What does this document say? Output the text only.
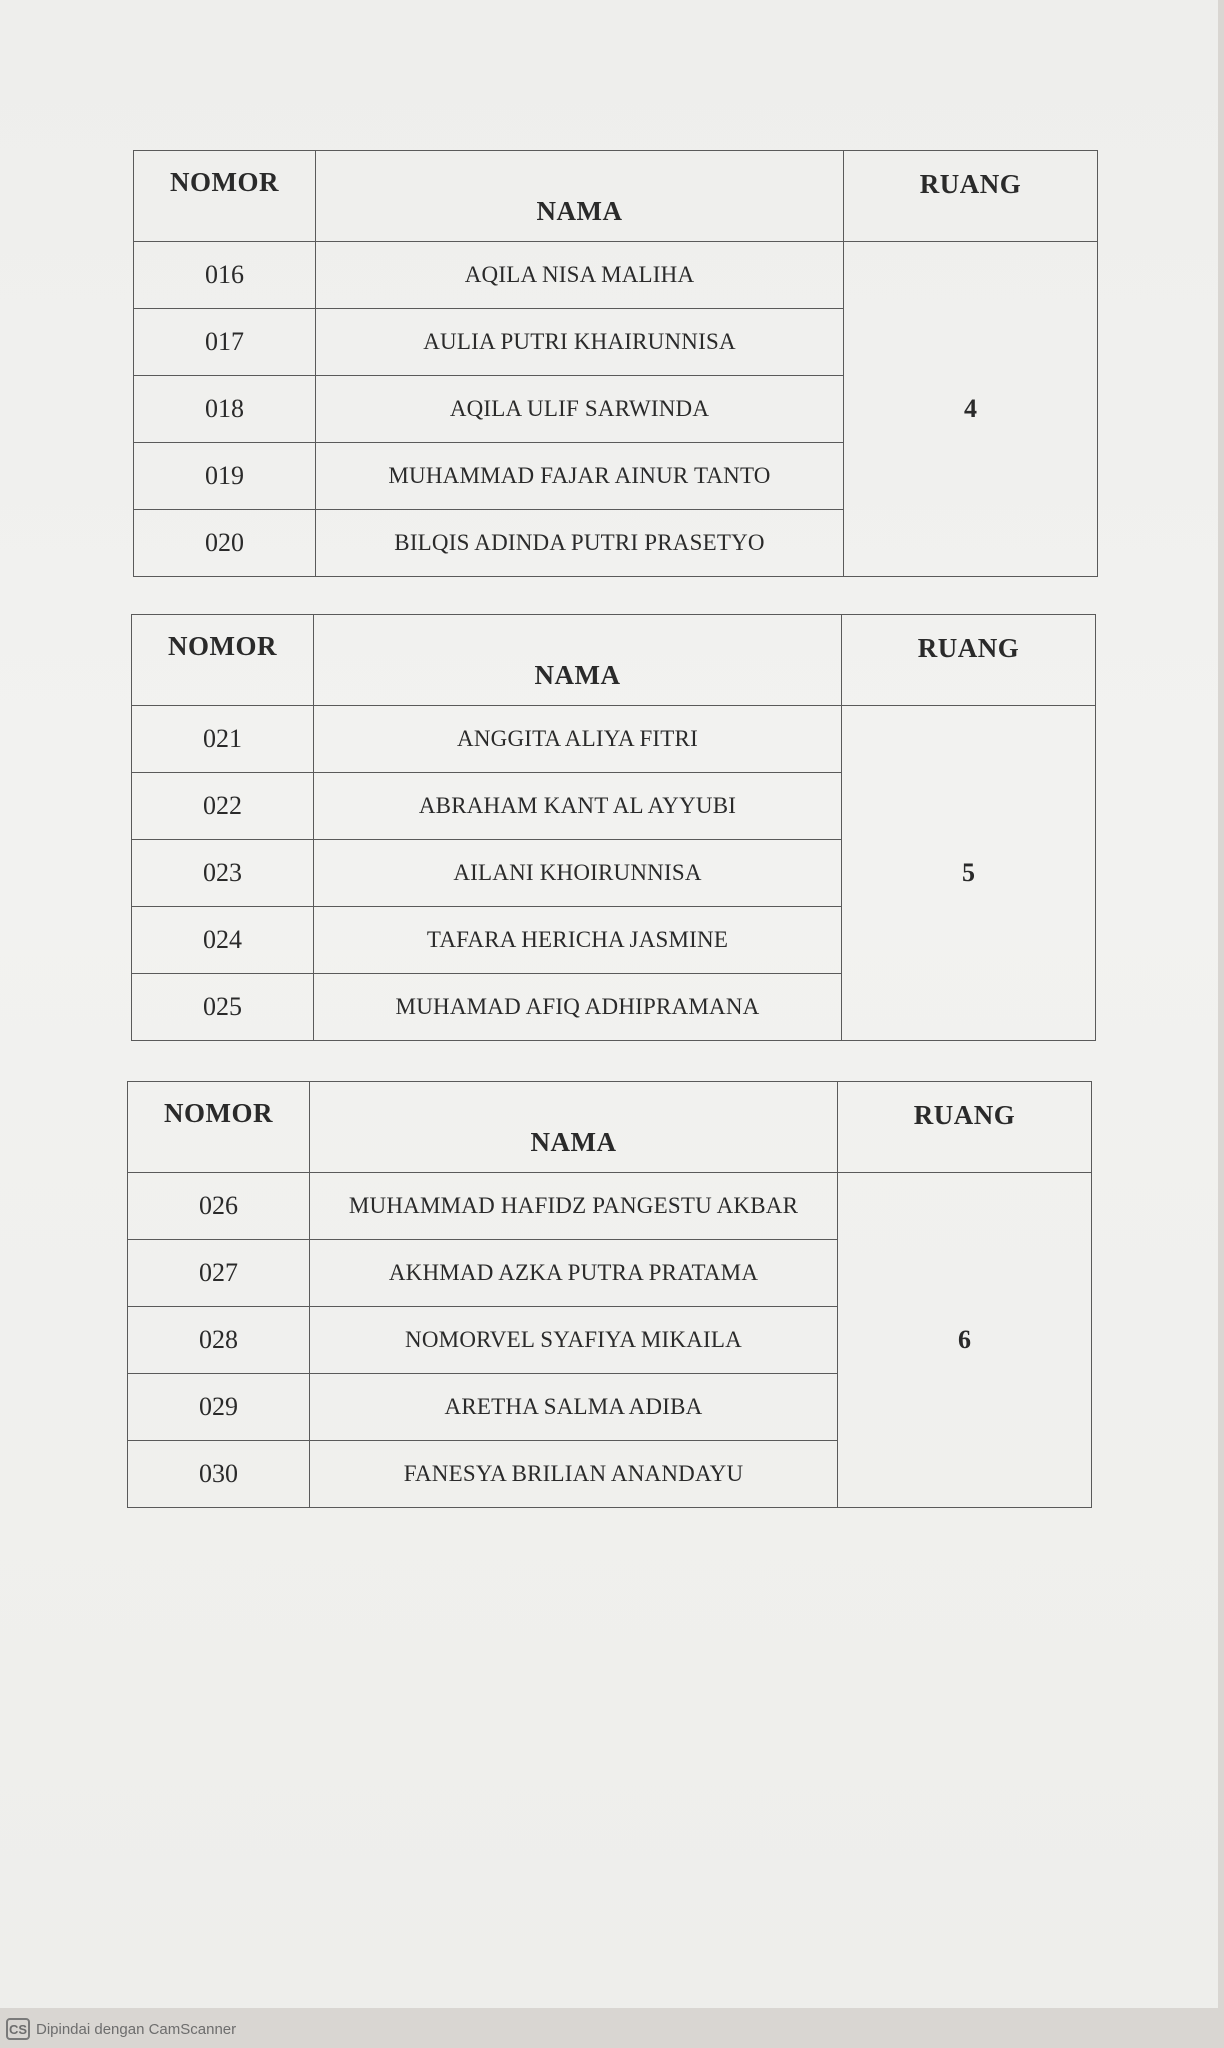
NOMOR	NAMA	RUANG
016	AQILA NISA MALIHA	4
017	AULIA PUTRI KHAIRUNNISA	
018	AQILA ULIF SARWINDA	
019	MUHAMMAD FAJAR AINUR TANTO	
020	BILQIS ADINDA PUTRI PRASETYO	
NOMOR	NAMA	RUANG
021	ANGGITA ALIYA FITRI	5
022	ABRAHAM KANT AL AYYUBI	
023	AILANI KHOIRUNNISA	
024	TAFARA HERICHA JASMINE	
025	MUHAMAD AFIQ ADHIPRAMANA	
NOMOR	NAMA	RUANG
026	MUHAMMAD HAFIDZ PANGESTU AKBAR	6
027	AKHMAD AZKA PUTRA PRATAMA	
028	NOMORVEL SYAFIYA MIKAILA	
029	ARETHA SALMA ADIBA	
030	FANESYA BRILIAN ANANDAYU	
CS Dipindai dengan CamScanner
